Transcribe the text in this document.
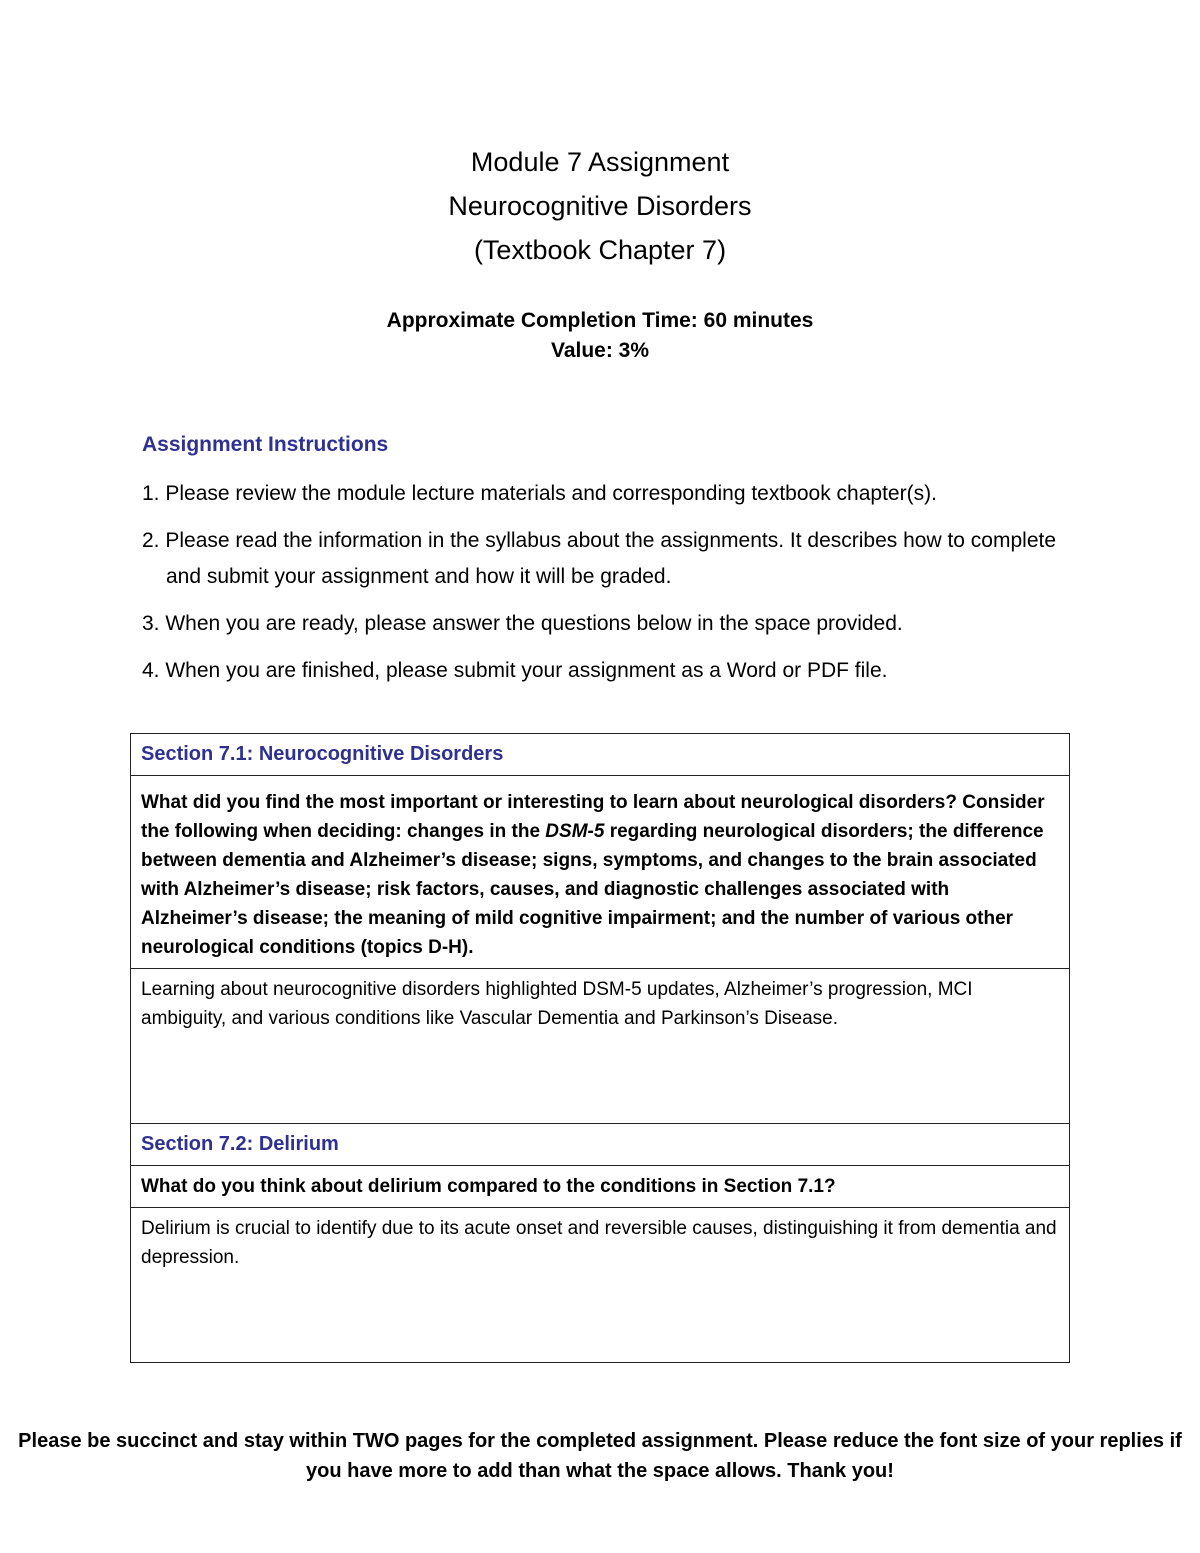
Module 7 Assignment
Neurocognitive Disorders
(Textbook Chapter 7)
Approximate Completion Time: 60 minutes
Value: 3%
Assignment Instructions
1. Please review the module lecture materials and corresponding textbook chapter(s).
2. Please read the information in the syllabus about the assignments. It describes how to complete and submit your assignment and how it will be graded.
3. When you are ready, please answer the questions below in the space provided.
4. When you are finished, please submit your assignment as a Word or PDF file.
Section 7.1: Neurocognitive Disorders
What did you find the most important or interesting to learn about neurological disorders? Consider the following when deciding: changes in the DSM-5 regarding neurological disorders; the difference between dementia and Alzheimer’s disease; signs, symptoms, and changes to the brain associated with Alzheimer’s disease; risk factors, causes, and diagnostic challenges associated with Alzheimer’s disease; the meaning of mild cognitive impairment; and the number of various other neurological conditions (topics D-H).
Learning about neurocognitive disorders highlighted DSM-5 updates, Alzheimer’s progression, MCI ambiguity, and various conditions like Vascular Dementia and Parkinson’s Disease.
Section 7.2: Delirium
What do you think about delirium compared to the conditions in Section 7.1?
Delirium is crucial to identify due to its acute onset and reversible causes, distinguishing it from dementia and depression.
Please be succinct and stay within TWO pages for the completed assignment. Please reduce the font size of your replies if you have more to add than what the space allows. Thank you!
